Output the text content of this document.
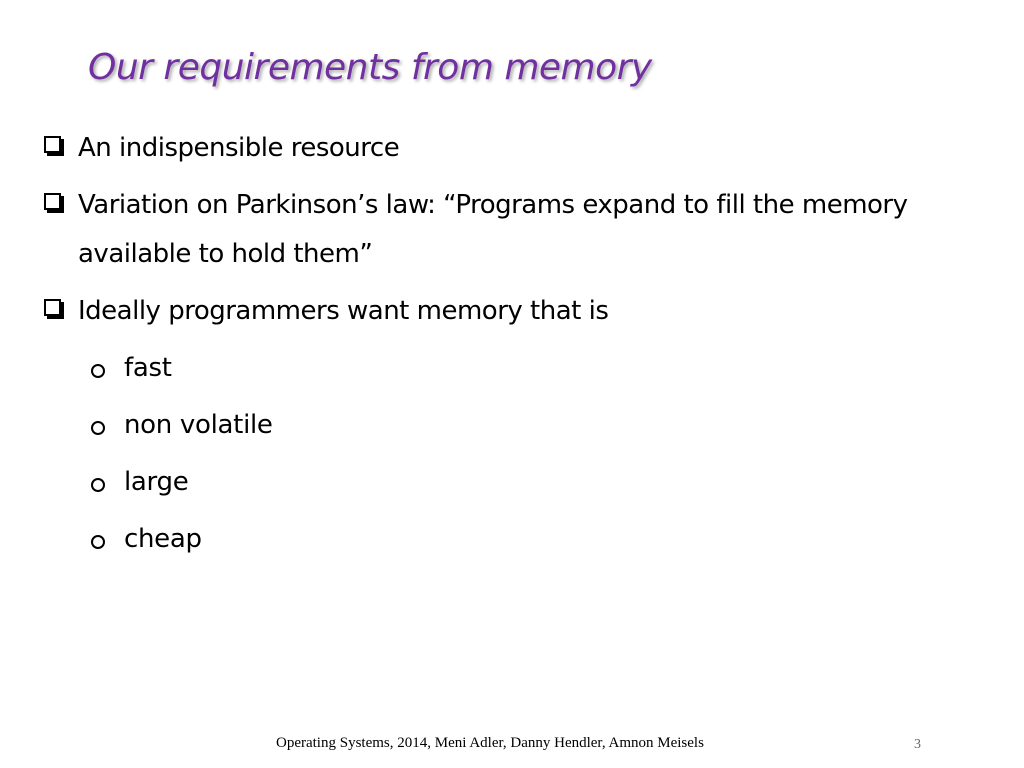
Our requirements from memory
An indispensible resource
Variation on Parkinson’s law: “Programs expand to fill the memory available to hold them”
Ideally programmers want memory that is
fast
non volatile
large
cheap
Operating Systems, 2014, Meni Adler, Danny Hendler, Amnon Meisels	3
